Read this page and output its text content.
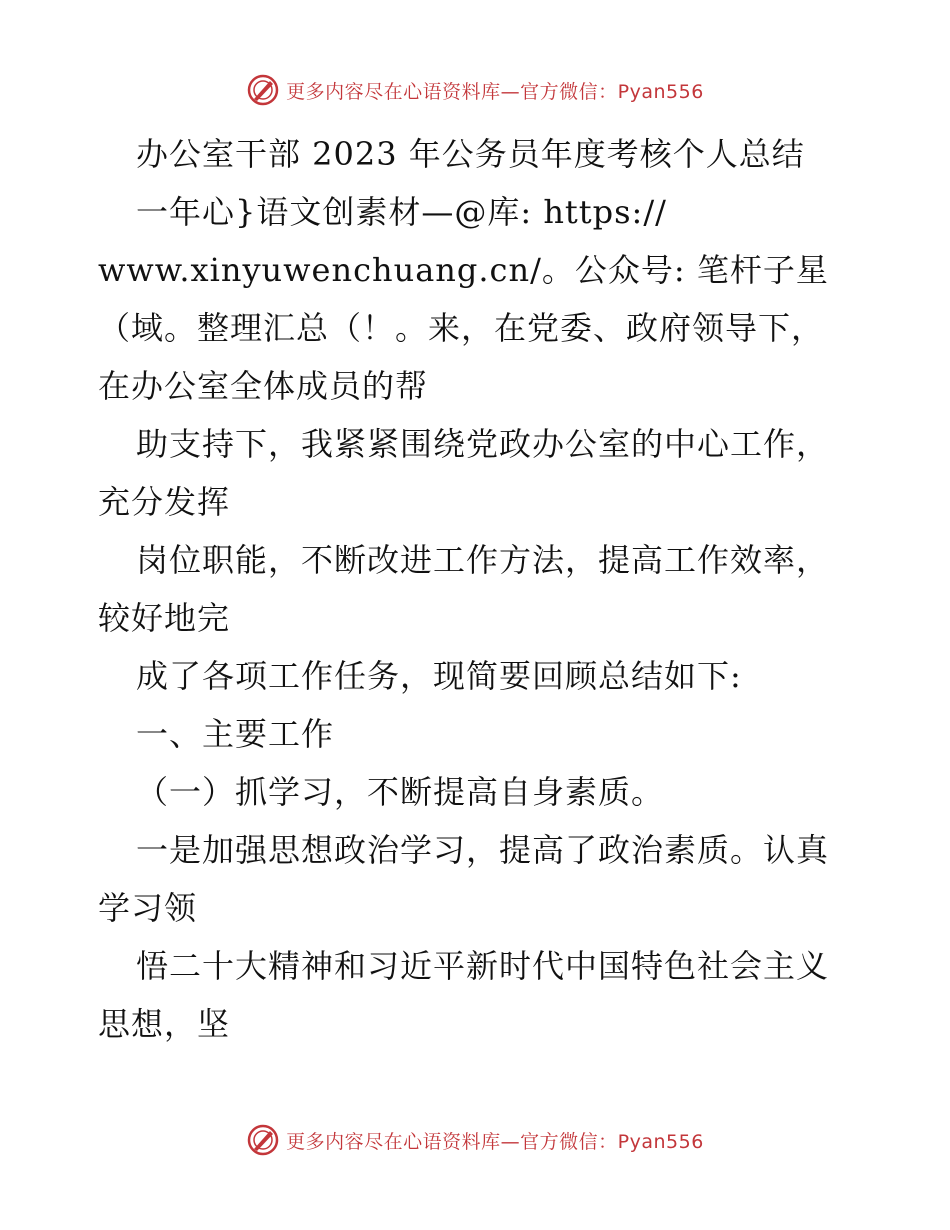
更多内容尽在心语资料库—官方微信：Pyan556
办公室干部 2023 年公务员年度考核个人总结
一年心}语文创素材—@库: https://
www.xinyuwenchuang.cn/。公众号: 笔杆子星
（域。整理汇总（！。来，在党委、政府领导下，
在办公室全体成员的帮
助支持下，我紧紧围绕党政办公室的中心工作，
充分发挥
岗位职能，不断改进工作方法，提高工作效率，
较好地完
成了各项工作任务，现简要回顾总结如下:
一、主要工作
（一）抓学习，不断提高自身素质。
一是加强思想政治学习，提高了政治素质。认真
学习领
悟二十大精神和习近平新时代中国特色社会主义
思想，坚
更多内容尽在心语资料库—官方微信：Pyan556
